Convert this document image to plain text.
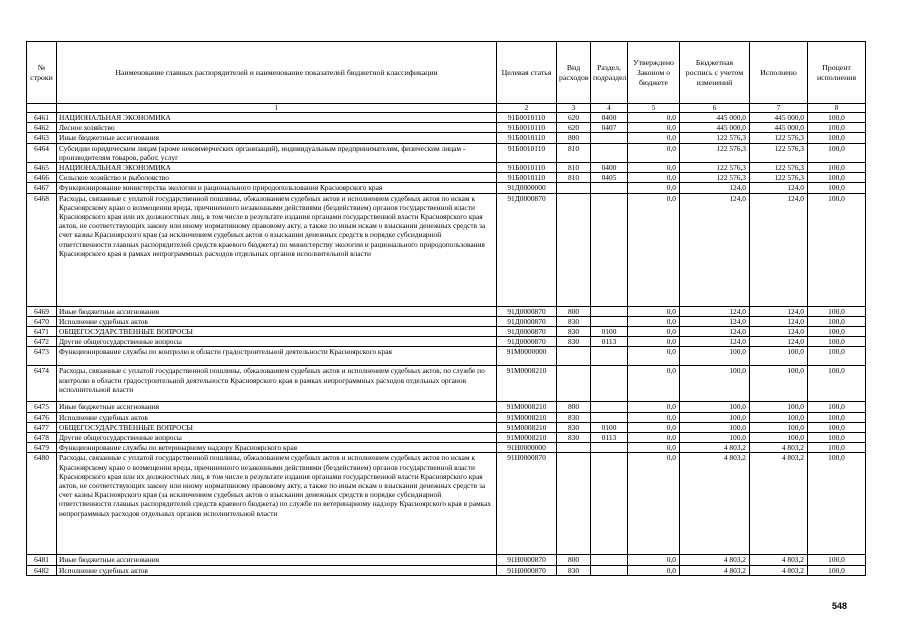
№ строки	Наименование главных распорядителей и наименование показателей бюджетной классификации	Целевая статья	Вид расходов	Раздел, подраздел	Утверждено Законом о бюджете	Бюджетная роспись с учетом изменений	Исполнено	Процент исполнения
	1	2	3	4	5	6	7	8
6461	НАЦИОНАЛЬНАЯ ЭКОНОМИКА	91Б0010110	620	0400	0,0	445 000,0	445 000,0	100,0
6462	Лесное хозяйство	91Б0010110	620	0407	0,0	445 000,0	445 000,0	100,0
6463	Иные бюджетные ассигнования	91Б0010110	800		0,0	122 576,3	122 576,3	100,0
6464	Субсидии юридическим лицам (кроме некоммерческих организаций), индивидуальным предпринимателям, физическим лицам - производителям товаров, работ, услуг	91Б0010110	810		0,0	122 576,3	122 576,3	100,0
6465	НАЦИОНАЛЬНАЯ ЭКОНОМИКА	91Б0010110	810	0400	0,0	122 576,3	122 576,3	100,0
6466	Сельское хозяйство и рыболовство	91Б0010110	810	0405	0,0	122 576,3	122 576,3	100,0
6467	Функционирование министерства экологии и рационального природопользования Красноярского края	91Д0000000			0,0	124,0	124,0	100,0
6468	Расходы, связанные с уплатой государственной пошлины, обжалованием судебных актов и исполнением судебных актов по искам к Красноярскому краю о возмещении вреда, причиненного незаконными действиями (бездействием) органов государственной власти Красноярского края или их должностных лиц, в том числе в результате издания органами государственной власти Красноярского края актов, не соответствующих закону или иному нормативному правовому акту, а также по иным искам о взыскании денежных средств за счет казны Красноярского края (за исключением судебных актов о взыскании денежных средств в порядке субсидиарной ответственности главных распорядителей средств краевого бюджета) по министерству экологии и рационального природопользования Красноярского края в рамках непрограммных расходов отдельных органов исполнительной власти	91Д0000870			0,0	124,0	124,0	100,0
6469	Иные бюджетные ассигнования	91Д0000870	800		0,0	124,0	124,0	100,0
6470	Исполнение судебных актов	91Д0000870	830		0,0	124,0	124,0	100,0
6471	ОБЩЕГОСУДАРСТВЕННЫЕ ВОПРОСЫ	91Д0000870	830	0100	0,0	124,0	124,0	100,0
6472	Другие общегосударственные вопросы	91Д0000870	830	0113	0,0	124,0	124,0	100,0
6473	Функционирование службы по контролю в области градостроительной деятельности Красноярского края	91М0000000			0,0	100,0	100,0	100,0
6474	Расходы, связанные с уплатой государственной пошлины, обжалованием судебных актов и исполнением судебных актов, по службе по контролю в области градостроительной деятельности Красноярского края в рамках непрограммных расходов отдельных органов исполнительной власти	91М0008210			0,0	100,0	100,0	100,0
6475	Иные бюджетные ассигнования	91М0008210	800		0,0	100,0	100,0	100,0
6476	Исполнение судебных актов	91М0008210	830		0,0	100,0	100,0	100,0
6477	ОБЩЕГОСУДАРСТВЕННЫЕ ВОПРОСЫ	91М0008210	830	0100	0,0	100,0	100,0	100,0
6478	Другие общегосударственные вопросы	91М0008210	830	0113	0,0	100,0	100,0	100,0
6479	Функционирование службы по ветеринарному надзору Красноярского края	91Н0000000			0,0	4 803,2	4 803,2	100,0
6480	Расходы, связанные с уплатой государственной пошлины, обжалованием судебных актов и исполнением судебных актов по искам к Красноярскому краю о возмещении вреда, причиненного незаконными действиями (бездействием) органов государственной власти Красноярского края или их должностных лиц, в том числе в результате издания органами государственной власти Красноярского края актов, не соответствующих закону или иному нормативному правовому акту, а также по иным искам о взыскании денежных средств за счет казны Красноярского края (за исключением судебных актов о взыскании денежных средств в порядке субсидиарной ответственности главных распорядителей средств краевого бюджета) по службе по ветеринарному надзору Красноярского края в рамках непрограммных расходов отдельных органов исполнительной власти	91Н0000870			0,0	4 803,2	4 803,2	100,0
6481	Иные бюджетные ассигнования	91Н0000870	800		0,0	4 803,2	4 803,2	100,0
6482	Исполнение судебных актов	91Н0000870	830		0,0	4 803,2	4 803,2	100,0
548
